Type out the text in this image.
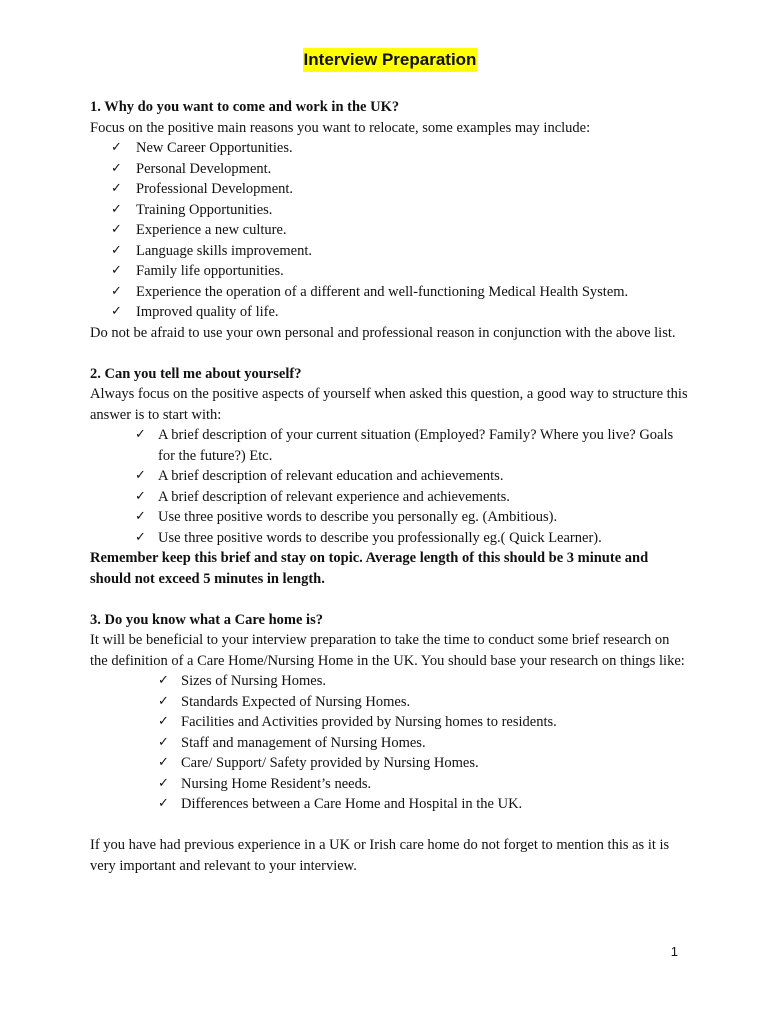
Interview Preparation

1. Why do you want to come and work in the UK?

Focus on the positive main reasons you want to relocate, some examples may include:

✓ New Career Opportunities.
✓ Personal Development.
✓ Professional Development.
✓ Training Opportunities.
✓ Experience a new culture.
✓ Language skills improvement.
✓ Family life opportunities.
✓ Experience the operation of a different and well-functioning Medical Health System.
✓ Improved quality of life.

Do not be afraid to use your own personal and professional reason in conjunction with the above list.

2. Can you tell me about yourself?

Always focus on the positive aspects of yourself when asked this question, a good way to structure this answer is to start with:

✓ A brief description of your current situation (Employed? Family? Where you live? Goals for the future?) Etc.
✓ A brief description of relevant education and achievements.
✓ A brief description of relevant experience and achievements.
✓ Use three positive words to describe you personally eg. (Ambitious).
✓ Use three positive words to describe you professionally eg.( Quick Learner).

Remember keep this brief and stay on topic. Average length of this should be 3 minute and should not exceed 5 minutes in length.

3. Do you know what a Care home is?

It will be beneficial to your interview preparation to take the time to conduct some brief research on the definition of a Care Home/Nursing Home in the UK. You should base your research on things like:

✓ Sizes of Nursing Homes.
✓ Standards Expected of Nursing Homes.
✓ Facilities and Activities provided by Nursing homes to residents.
✓ Staff and management of Nursing Homes.
✓ Care/ Support/ Safety provided by Nursing Homes.
✓ Nursing Home Resident’s needs.
✓ Differences between a Care Home and Hospital in the UK.

If you have had previous experience in a UK or Irish care home do not forget to mention this as it is very important and relevant to your interview.

1
